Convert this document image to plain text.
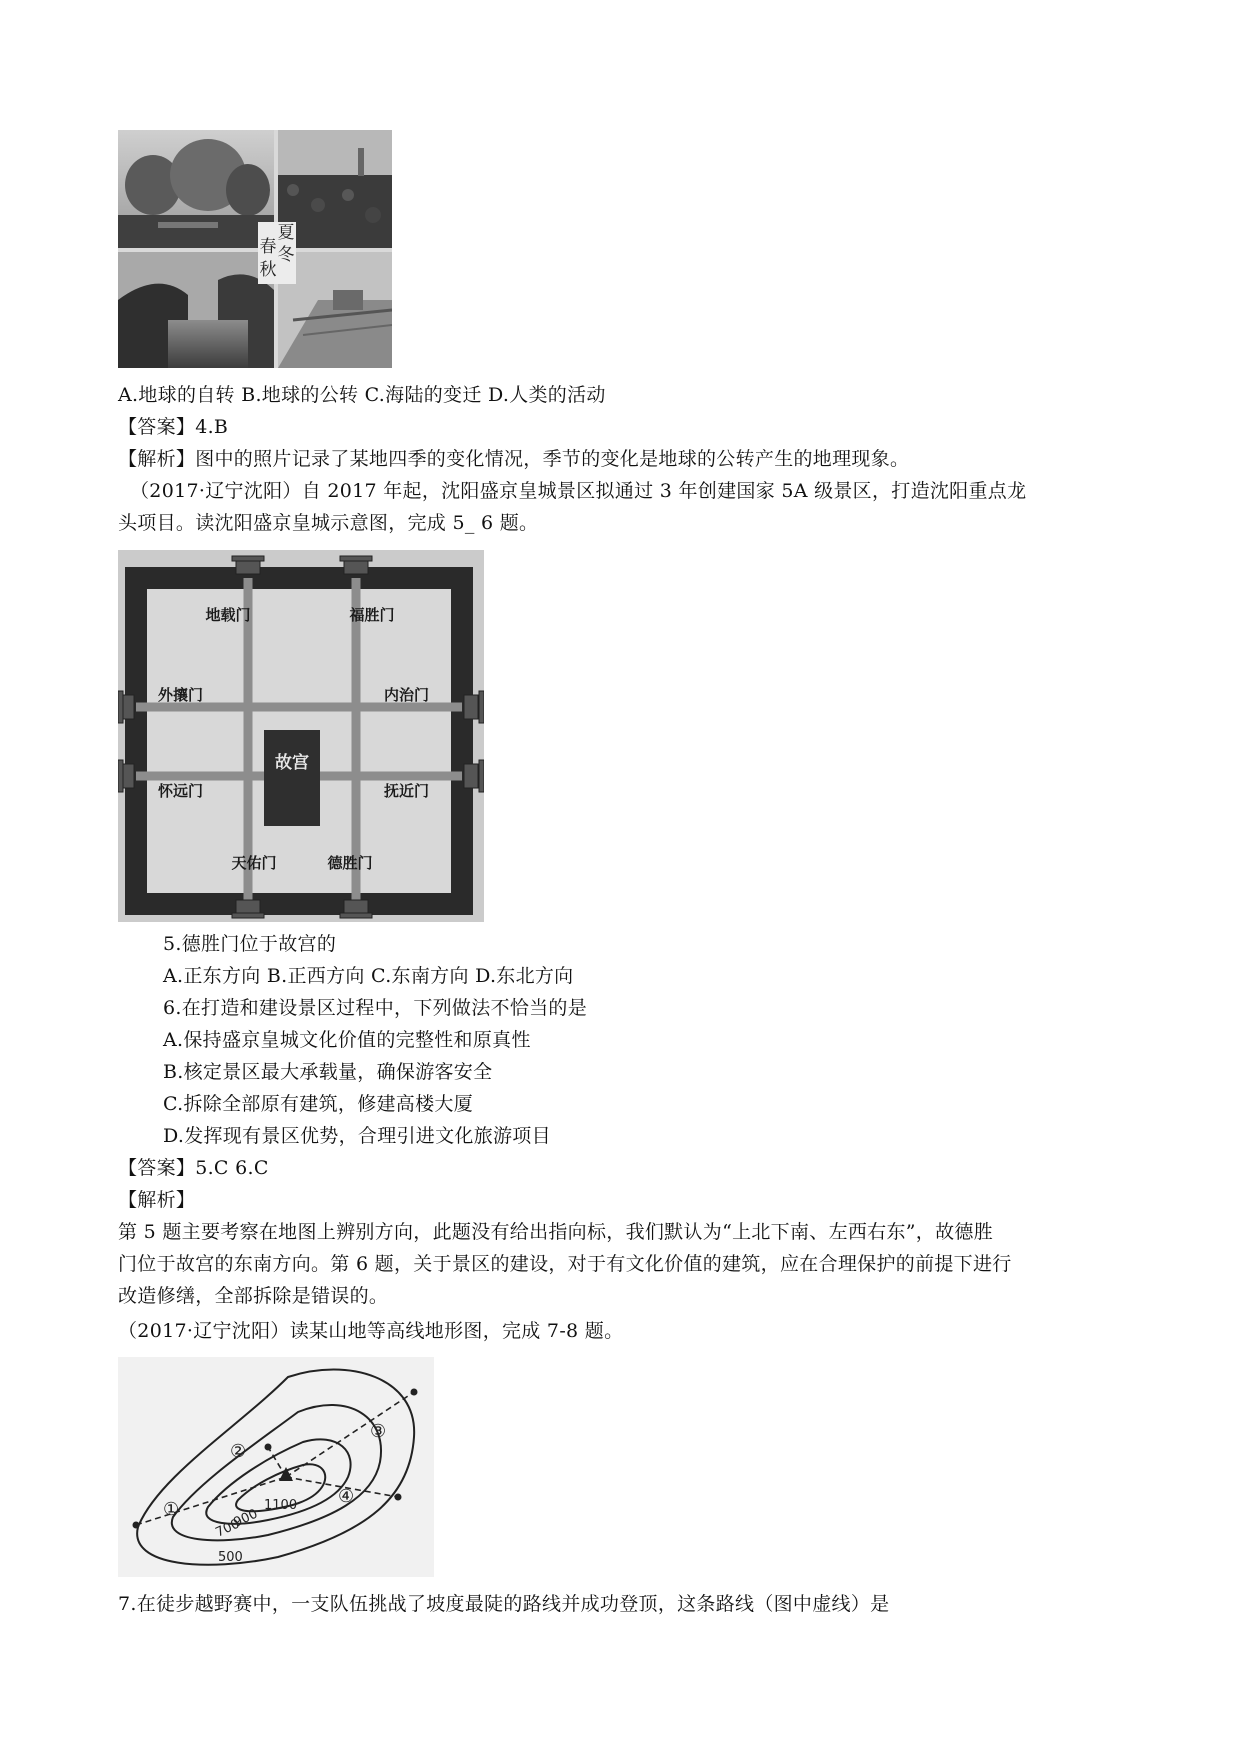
春
夏
秋
冬
A.地球的自转 B.地球的公转 C.海陆的变迁 D.人类的活动
【答案】4.B
【解析】图中的照片记录了某地四季的变化情况，季节的变化是地球的公转产生的地理现象。
（2017·辽宁沈阳）自 2017 年起，沈阳盛京皇城景区拟通过 3 年创建国家 5A 级景区，打造沈阳重点龙
头项目。读沈阳盛京皇城示意图，完成 5_ 6 题。
故宫
地载门	福胜门
外攘门	内治门
怀远门	抚近门
天佑门	德胜门
5.德胜门位于故宫的
A.正东方向 B.正西方向 C.东南方向 D.东北方向
6.在打造和建设景区过程中，下列做法不恰当的是
A.保持盛京皇城文化价值的完整性和原真性
B.核定景区最大承载量，确保游客安全
C.拆除全部原有建筑，修建高楼大厦
D.发挥现有景区优势，合理引进文化旅游项目
【答案】5.C 6.C
【解析】
第 5 题主要考察在地图上辨别方向，此题没有给出指向标，我们默认为“上北下南、左西右东”，故德胜
门位于故宫的东南方向。第 6 题，关于景区的建设，对于有文化价值的建筑，应在合理保护的前提下进行
改造修缮，全部拆除是错误的。
（2017·辽宁沈阳）读某山地等高线地形图，完成 7-8 题。
1100
900
700
500
①
②
③
④
7.在徒步越野赛中，一支队伍挑战了坡度最陡的路线并成功登顶，这条路线（图中虚线）是
